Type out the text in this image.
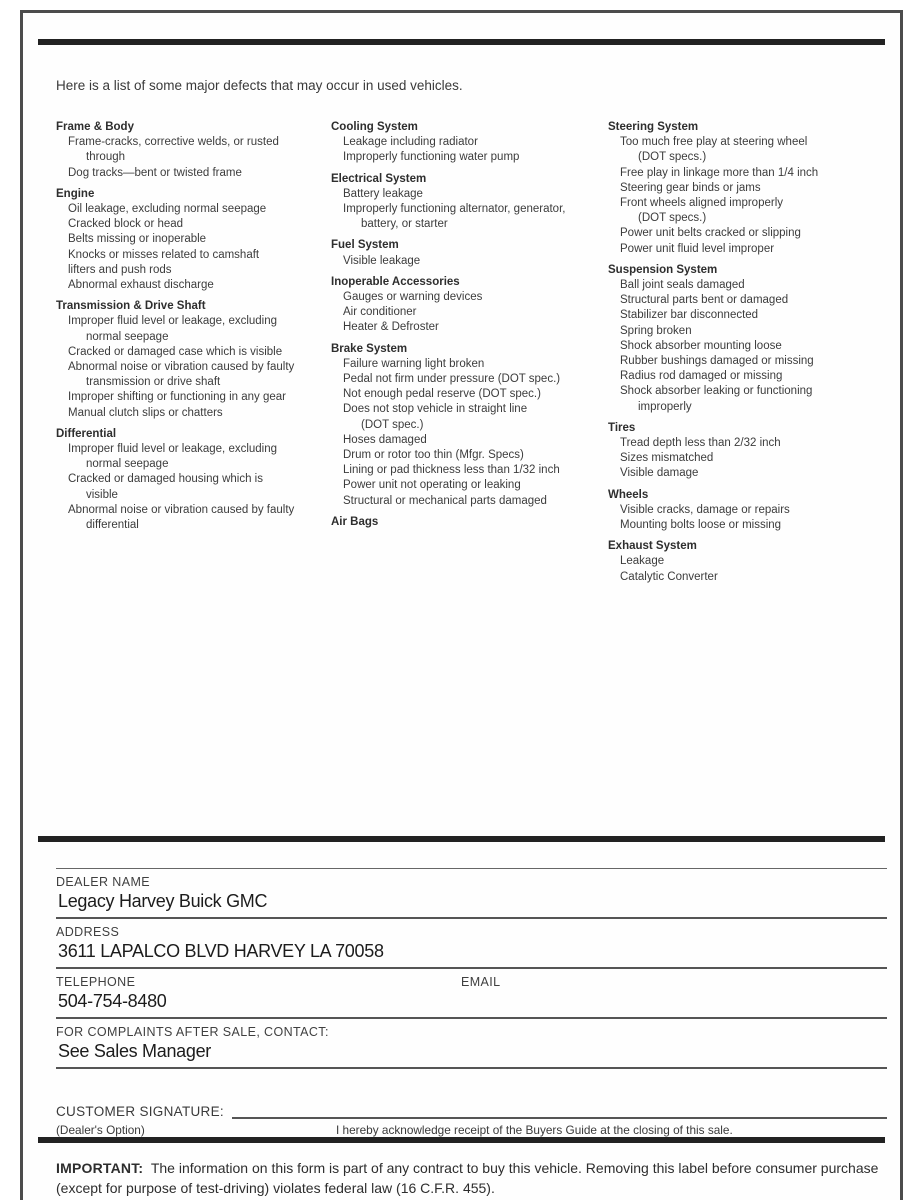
Here is a list of some major defects that may occur in used vehicles.

Frame & Body
Frame-cracks, corrective welds, or rusted
through
Dog tracks—bent or twisted frame
Engine
Oil leakage, excluding normal seepage
Cracked block or head
Belts missing or inoperable
Knocks or misses related to camshaft
lifters and push rods
Abnormal exhaust discharge
Transmission & Drive Shaft
Improper fluid level or leakage, excluding
normal seepage
Cracked or damaged case which is visible
Abnormal noise or vibration caused by faulty
transmission or drive shaft
Improper shifting or functioning in any gear
Manual clutch slips or chatters
Differential
Improper fluid level or leakage, excluding
normal seepage
Cracked or damaged housing which is
visible
Abnormal noise or vibration caused by faulty
differential
Cooling System
Leakage including radiator
Improperly functioning water pump
Electrical System
Battery leakage
Improperly functioning alternator, generator,
battery, or starter
Fuel System
Visible leakage
Inoperable Accessories
Gauges or warning devices
Air conditioner
Heater & Defroster
Brake System
Failure warning light broken
Pedal not firm under pressure (DOT spec.)
Not enough pedal reserve (DOT spec.)
Does not stop vehicle in straight line
(DOT spec.)
Hoses damaged
Drum or rotor too thin (Mfgr. Specs)
Lining or pad thickness less than 1/32 inch
Power unit not operating or leaking
Structural or mechanical parts damaged
Air Bags
Steering System
Too much free play at steering wheel
(DOT specs.)
Free play in linkage more than 1/4 inch
Steering gear binds or jams
Front wheels aligned improperly
(DOT specs.)
Power unit belts cracked or slipping
Power unit fluid level improper
Suspension System
Ball joint seals damaged
Structural parts bent or damaged
Stabilizer bar disconnected
Spring broken
Shock absorber mounting loose
Rubber bushings damaged or missing
Radius rod damaged or missing
Shock absorber leaking or functioning
improperly
Tires
Tread depth less than 2/32 inch
Sizes mismatched
Visible damage
Wheels
Visible cracks, damage or repairs
Mounting bolts loose or missing
Exhaust System
Leakage
Catalytic Converter
DEALER NAME
Legacy Harvey Buick GMC
ADDRESS
3611 LAPALCO BLVD HARVEY LA 70058
TELEPHONE
504-754-8480
EMAIL
FOR COMPLAINTS AFTER SALE, CONTACT:
See Sales Manager
CUSTOMER SIGNATURE:
(Dealer's Option)	I hereby acknowledge receipt of the Buyers Guide at the closing of this sale.

IMPORTANT: The information on this form is part of any contract to buy this vehicle. Removing this label before consumer purchase (except for purpose of test-driving) violates federal law (16 C.F.R. 455).
